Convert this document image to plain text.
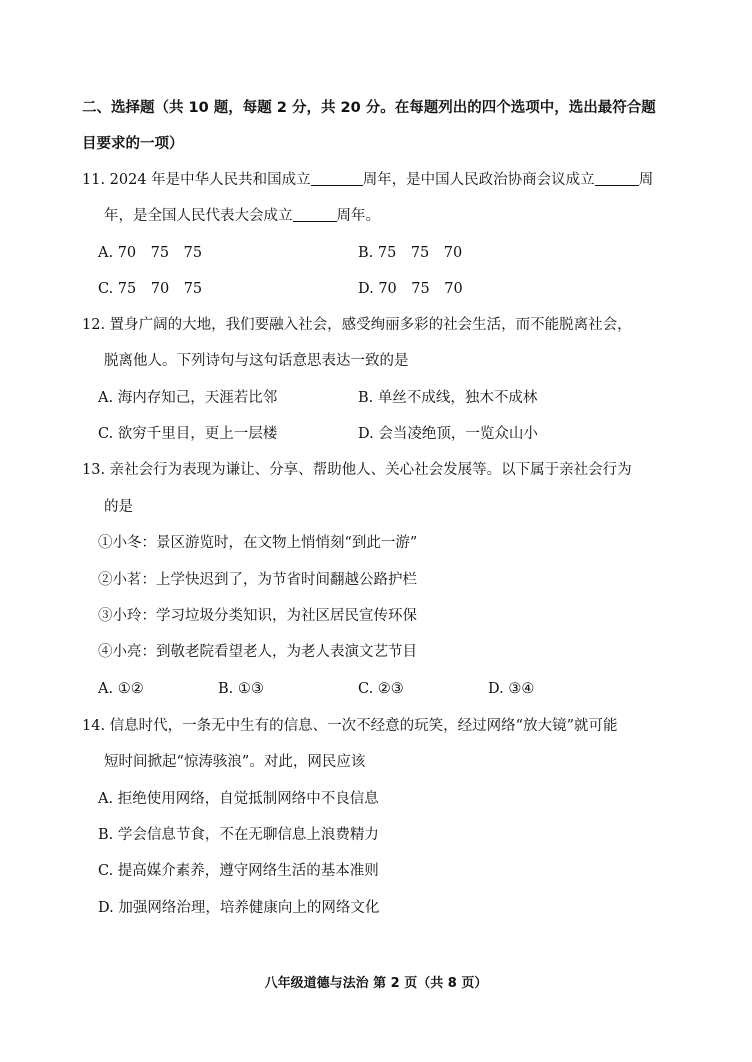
二、选择题（共 10 题，每题 2 分，共 20 分。在每题列出的四个选项中，选出最符合题
目要求的一项）
11. 2024 年是中华人民共和国成立	周年，是中国人民政治协商会议成立	周
年，是全国人民代表大会成立	周年。
A. 70　75　75	B. 75　75　70
C. 75　70　75	D. 70　75　70
12. 置身广阔的大地，我们要融入社会，感受绚丽多彩的社会生活，而不能脱离社会，
脱离他人。下列诗句与这句话意思表达一致的是
A. 海内存知己，天涯若比邻	B. 单丝不成线，独木不成林
C. 欲穷千里目，更上一层楼	D. 会当凌绝顶，一览众山小
13. 亲社会行为表现为谦让、分享、帮助他人、关心社会发展等。以下属于亲社会行为
的是
①小冬：景区游览时，在文物上悄悄刻“到此一游”
②小茗：上学快迟到了，为节省时间翻越公路护栏
③小玲：学习垃圾分类知识，为社区居民宣传环保
④小亮：到敬老院看望老人，为老人表演文艺节目
A. ①②	B. ①③	C. ②③	D. ③④
14. 信息时代，一条无中生有的信息、一次不经意的玩笑，经过网络“放大镜”就可能
短时间掀起“惊涛骇浪”。对此，网民应该
A. 拒绝使用网络，自觉抵制网络中不良信息
B. 学会信息节食，不在无聊信息上浪费精力
C. 提高媒介素养，遵守网络生活的基本准则
D. 加强网络治理，培养健康向上的网络文化
八年级道德与法治 第 2 页（共 8 页）
